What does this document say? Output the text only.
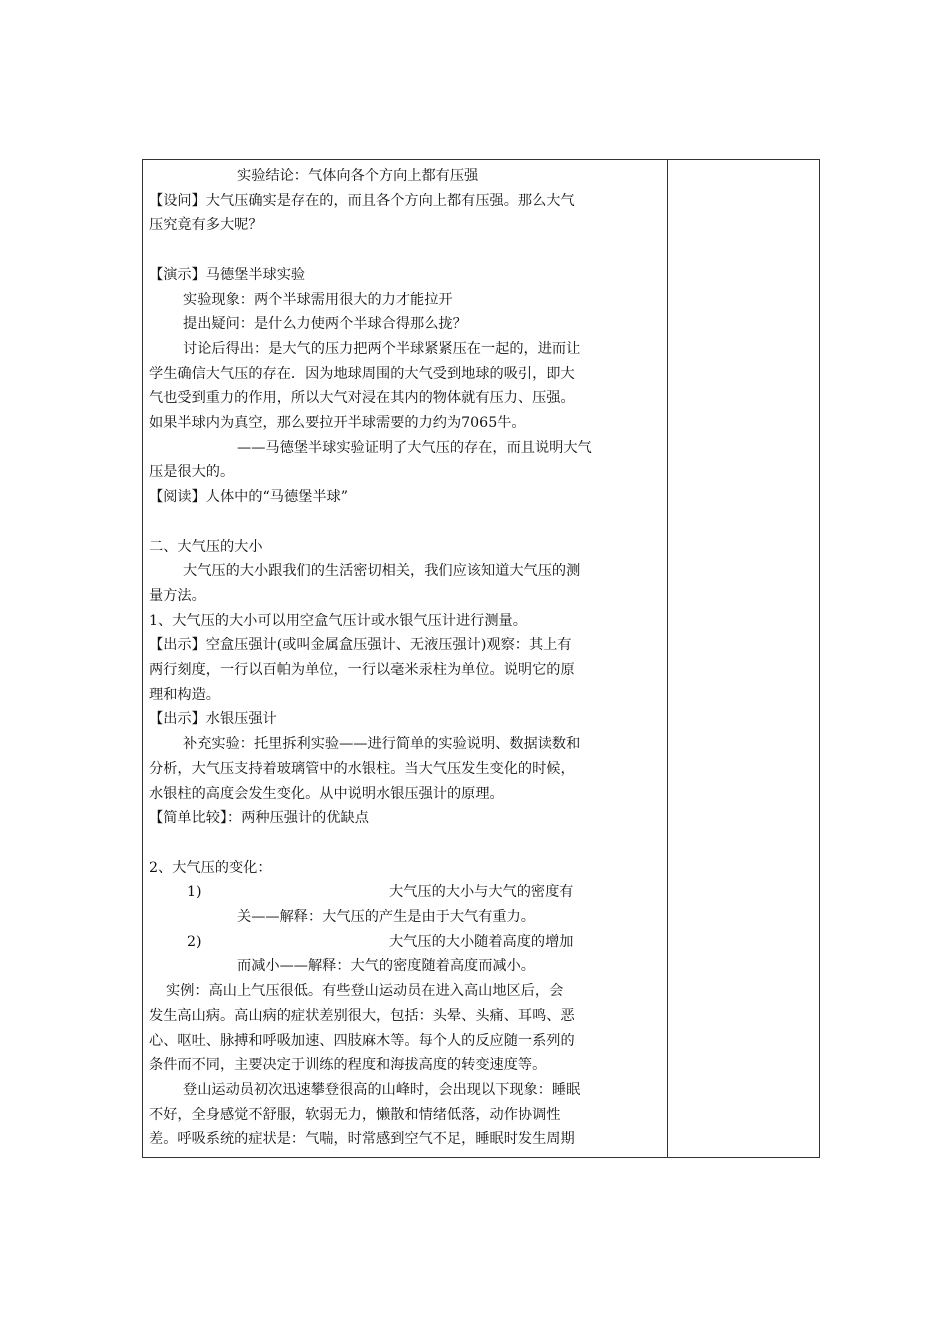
实验结论：气体向各个方向上都有压强

【设问】大气压确实是存在的，而且各个方向上都有压强。那么大气

压究竟有多大呢？

【演示】马德堡半球实验

实验现象：两个半球需用很大的力才能拉开

提出疑问：是什么力使两个半球合得那么拢？

讨论后得出：是大气的压力把两个半球紧紧压在一起的，进而让

学生确信大气压的存在．因为地球周围的大气受到地球的吸引，即大

气也受到重力的作用，所以大气对浸在其内的物体就有压力、压强。

如果半球内为真空，那么要拉开半球需要的力约为7065牛。

——马德堡半球实验证明了大气压的存在，而且说明大气

压是很大的。

【阅读】人体中的“马德堡半球”

二、大气压的大小

大气压的大小跟我们的生活密切相关，我们应该知道大气压的测

量方法。

1、大气压的大小可以用空盒气压计或水银气压计进行测量。

【出示】空盒压强计(或叫金属盒压强计、无液压强计)观察：其上有

两行刻度，一行以百帕为单位，一行以毫米汞柱为单位。说明它的原

理和构造。

【出示】水银压强计

补充实验：托里拆利实验——进行简单的实验说明、数据读数和

分析，大气压支持着玻璃管中的水银柱。当大气压发生变化的时候，

水银柱的高度会发生变化。从中说明水银压强计的原理。

【简单比较】：两种压强计的优缺点

2、大气压的变化：

1)	大气压的大小与大气的密度有

关——解释：大气压的产生是由于大气有重力。

2)	大气压的大小随着高度的增加

而减小——解释：大气的密度随着高度而减小。

实例：高山上气压很低。有些登山运动员在进入高山地区后，会

发生高山病。高山病的症状差别很大，包括：头晕、头痛、耳鸣、恶

心、呕吐、脉搏和呼吸加速、四肢麻木等。每个人的反应随一系列的

条件而不同，主要决定于训练的程度和海拔高度的转变速度等。

登山运动员初次迅速攀登很高的山峰时，会出现以下现象：睡眠

不好，全身感觉不舒服，软弱无力，懒散和情绪低落，动作协调性

差。呼吸系统的症状是：气喘，时常感到空气不足，睡眠时发生周期
